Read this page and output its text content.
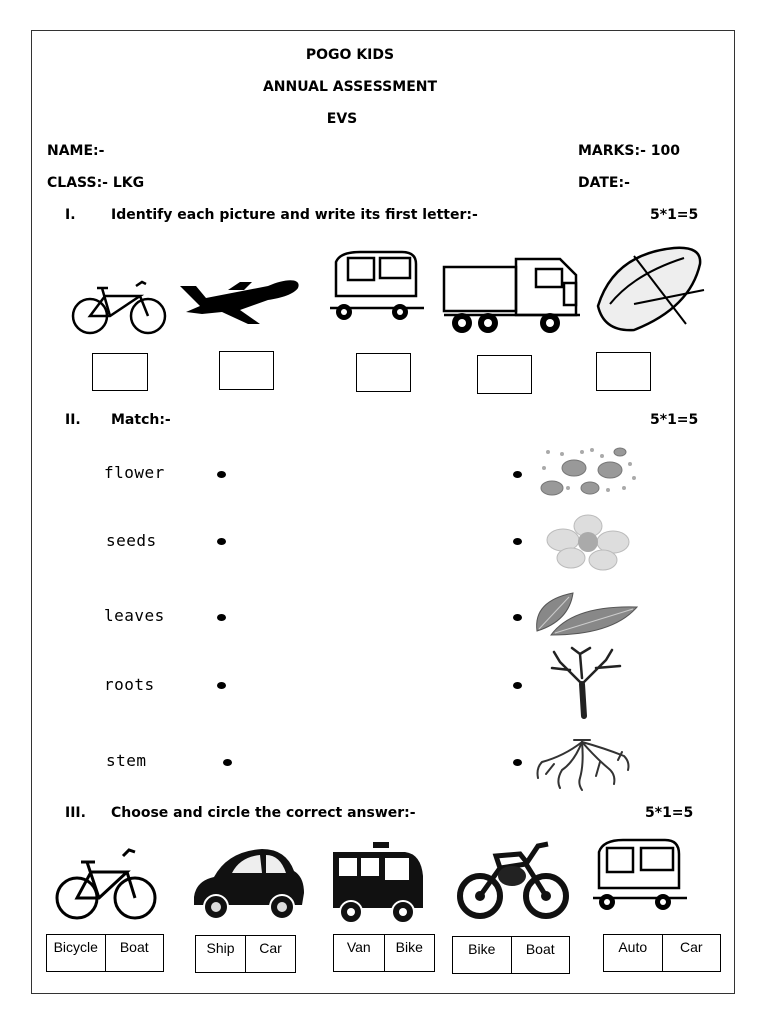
POGO KIDS
ANNUAL ASSESSMENT
EVS
NAME:-	MARKS:- 100
CLASS:- LKG	DATE:-
I.	Identify each picture and write its first letter:-	5*1=5
II. Match:-	5*1=5
flower
seeds
leaves
roots
stem
III. Choose and circle the correct answer:-	5*1=5
Bicycle	Boat	Ship	Car	Van	Bike	Bike	Boat	Auto	Car
